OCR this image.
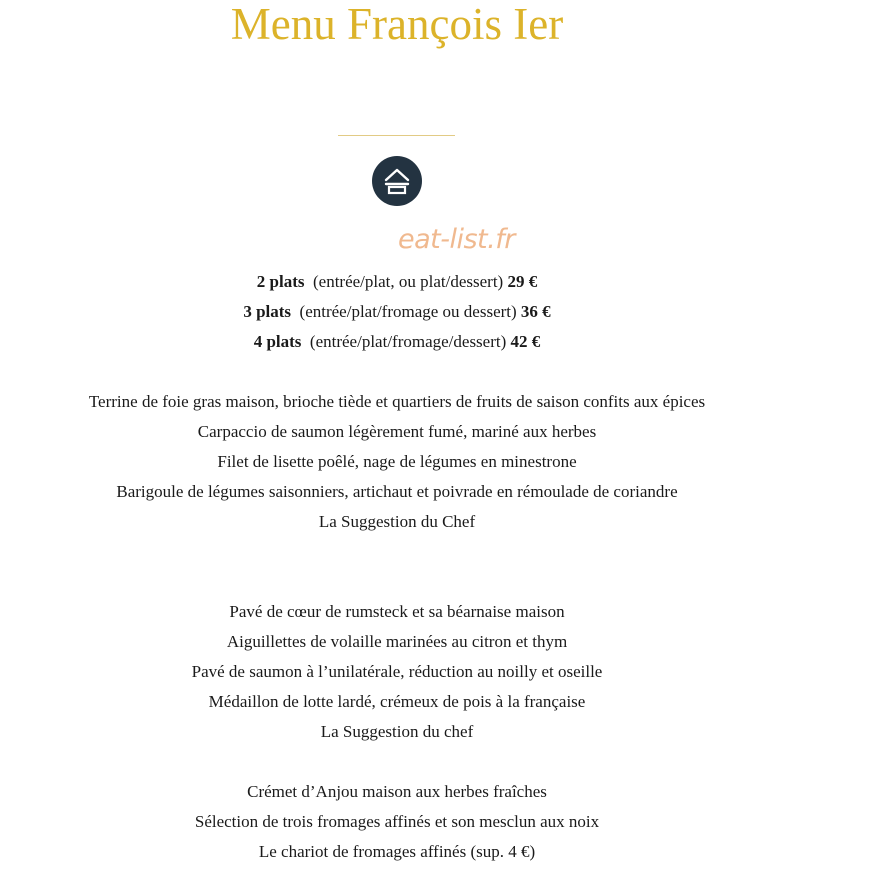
Menu François Ier
eat-list.fr
2 plats (entrée/plat, ou plat/dessert) 29 €
3 plats (entrée/plat/fromage ou dessert) 36 €
4 plats (entrée/plat/fromage/dessert) 42 €
Terrine de foie gras maison, brioche tiède et quartiers de fruits de saison confits aux épices
Carpaccio de saumon légèrement fumé, mariné aux herbes
Filet de lisette poêlé, nage de légumes en minestrone
Barigoule de légumes saisonniers, artichaut et poivrade en rémoulade de coriandre
La Suggestion du Chef
Pavé de cœur de rumsteck et sa béarnaise maison
Aiguillettes de volaille marinées au citron et thym
Pavé de saumon à l’unilatérale, réduction au noilly et oseille
Médaillon de lotte lardé, crémeux de pois à la française
La Suggestion du chef
Crémet d’Anjou maison aux herbes fraîches
Sélection de trois fromages affinés et son mesclun aux noix
Le chariot de fromages affinés (sup. 4 €)
